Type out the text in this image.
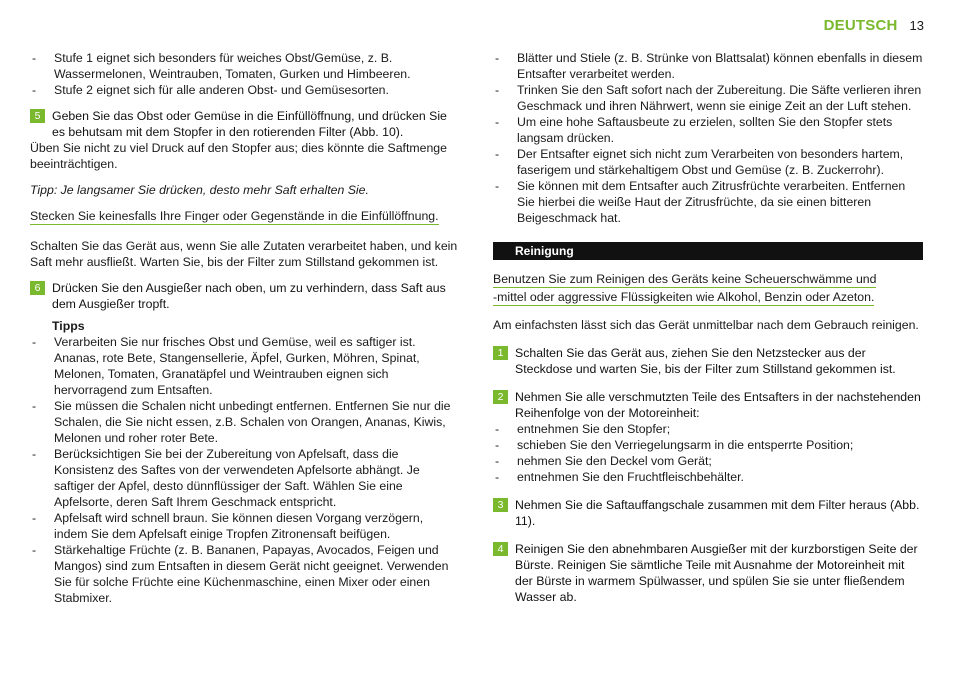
DEUTSCH 13
-	Stufe 1 eignet sich besonders für weiches Obst/Gemüse, z. B. Wassermelonen, Weintrauben, Tomaten, Gurken und Himbeeren.
-	Stufe 2 eignet sich für alle anderen Obst- und Gemüsesorten.
5 Geben Sie das Obst oder Gemüse in die Einfüllöffnung, und drücken Sie es behutsam mit dem Stopfer in den rotierenden Filter (Abb. 10).

Üben Sie nicht zu viel Druck auf den Stopfer aus; dies könnte die Saftmenge beeinträchtigen.

Tipp: Je langsamer Sie drücken, desto mehr Saft erhalten Sie.

Stecken Sie keinesfalls Ihre Finger oder Gegenstände in die Einfüllöffnung.

Schalten Sie das Gerät aus, wenn Sie alle Zutaten verarbeitet haben, und kein Saft mehr ausfließt. Warten Sie, bis der Filter zum Stillstand gekommen ist.

6 Drücken Sie den Ausgießer nach oben, um zu verhindern, dass Saft aus dem Ausgießer tropft.

Tipps

-	Verarbeiten Sie nur frisches Obst und Gemüse, weil es saftiger ist. Ananas, rote Bete, Stangensellerie, Äpfel, Gurken, Möhren, Spinat, Melonen, Tomaten, Granatäpfel und Weintrauben eignen sich hervorragend zum Entsaften.
-	Sie müssen die Schalen nicht unbedingt entfernen. Entfernen Sie nur die Schalen, die Sie nicht essen, z.B. Schalen von Orangen, Ananas, Kiwis, Melonen und roher roter Bete.
-	Berücksichtigen Sie bei der Zubereitung von Apfelsaft, dass die Konsistenz des Saftes von der verwendeten Apfelsorte abhängt. Je saftiger der Apfel, desto dünnflüssiger der Saft. Wählen Sie eine Apfelsorte, deren Saft Ihrem Geschmack entspricht.
-	Apfelsaft wird schnell braun. Sie können diesen Vorgang verzögern, indem Sie dem Apfelsaft einige Tropfen Zitronensaft beifügen.
-	Stärkehaltige Früchte (z. B. Bananen, Papayas, Avocados, Feigen und Mangos) sind zum Entsaften in diesem Gerät nicht geeignet. Verwenden Sie für solche Früchte eine Küchenmaschine, einen Mixer oder einen Stabmixer.
-	Blätter und Stiele (z. B. Strünke von Blattsalat) können ebenfalls in diesem Entsafter verarbeitet werden.
-	Trinken Sie den Saft sofort nach der Zubereitung. Die Säfte verlieren ihren Geschmack und ihren Nährwert, wenn sie einige Zeit an der Luft stehen.
-	Um eine hohe Saftausbeute zu erzielen, sollten Sie den Stopfer stets langsam drücken.
-	Der Entsafter eignet sich nicht zum Verarbeiten von besonders hartem, faserigem und stärkehaltigem Obst und Gemüse (z. B. Zuckerrohr).
-	Sie können mit dem Entsafter auch Zitrusfrüchte verarbeiten. Entfernen Sie hierbei die weiße Haut der Zitrusfrüchte, da sie einen bitteren Beigeschmack hat.
Reinigung
Benutzen Sie zum Reinigen des Geräts keine Scheuerschwämme und
-mittel oder aggressive Flüssigkeiten wie Alkohol, Benzin oder Azeton.

Am einfachsten lässt sich das Gerät unmittelbar nach dem Gebrauch reinigen.

1 Schalten Sie das Gerät aus, ziehen Sie den Netzstecker aus der Steckdose und warten Sie, bis der Filter zum Stillstand gekommen ist.
2 Nehmen Sie alle verschmutzten Teile des Entsafters in der nachstehenden Reihenfolge von der Motoreinheit:
-	entnehmen Sie den Stopfer;
-	schieben Sie den Verriegelungsarm in die entsperrte Position;
-	nehmen Sie den Deckel vom Gerät;
-	entnehmen Sie den Fruchtfleischbehälter.
3 Nehmen Sie die Saftauffangschale zusammen mit dem Filter heraus (Abb. 11).
4 Reinigen Sie den abnehmbaren Ausgießer mit der kurzborstigen Seite der Bürste. Reinigen Sie sämtliche Teile mit Ausnahme der Motoreinheit mit der Bürste in warmem Spülwasser, und spülen Sie sie unter fließendem Wasser ab.
